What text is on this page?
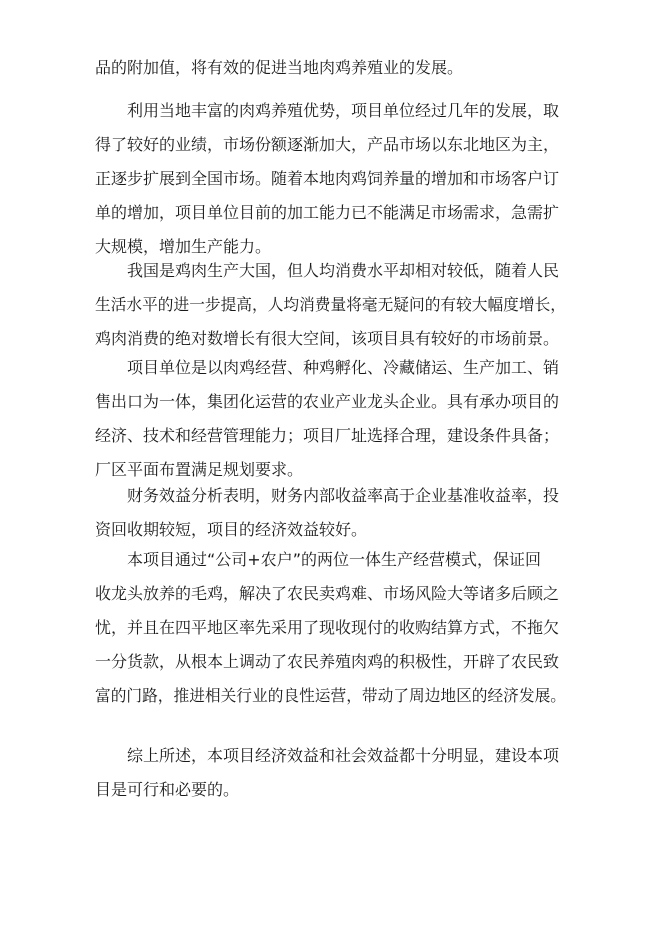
品的附加值，将有效的促进当地肉鸡养殖业的发展。
利用当地丰富的肉鸡养殖优势，项目单位经过几年的发展，取
得了较好的业绩，市场份额逐渐加大，产品市场以东北地区为主，
正逐步扩展到全国市场。随着本地肉鸡饲养量的增加和市场客户订
单的增加，项目单位目前的加工能力已不能满足市场需求，急需扩
大规模，增加生产能力。
我国是鸡肉生产大国，但人均消费水平却相对较低，随着人民
生活水平的进一步提高，人均消费量将毫无疑问的有较大幅度增长，
鸡肉消费的绝对数增长有很大空间，该项目具有较好的市场前景。
项目单位是以肉鸡经营、种鸡孵化、冷藏储运、生产加工、销
售出口为一体，集团化运营的农业产业龙头企业。具有承办项目的
经济、技术和经营管理能力；项目厂址选择合理，建设条件具备；
厂区平面布置满足规划要求。
财务效益分析表明，财务内部收益率高于企业基准收益率，投
资回收期较短，项目的经济效益较好。
本项目通过“公司+农户”的两位一体生产经营模式，保证回
收龙头放养的毛鸡，解决了农民卖鸡难、市场风险大等诸多后顾之
忧，并且在四平地区率先采用了现收现付的收购结算方式，不拖欠
一分货款，从根本上调动了农民养殖肉鸡的积极性，开辟了农民致
富的门路，推进相关行业的良性运营，带动了周边地区的经济发展。
综上所述，本项目经济效益和社会效益都十分明显，建设本项
目是可行和必要的。
